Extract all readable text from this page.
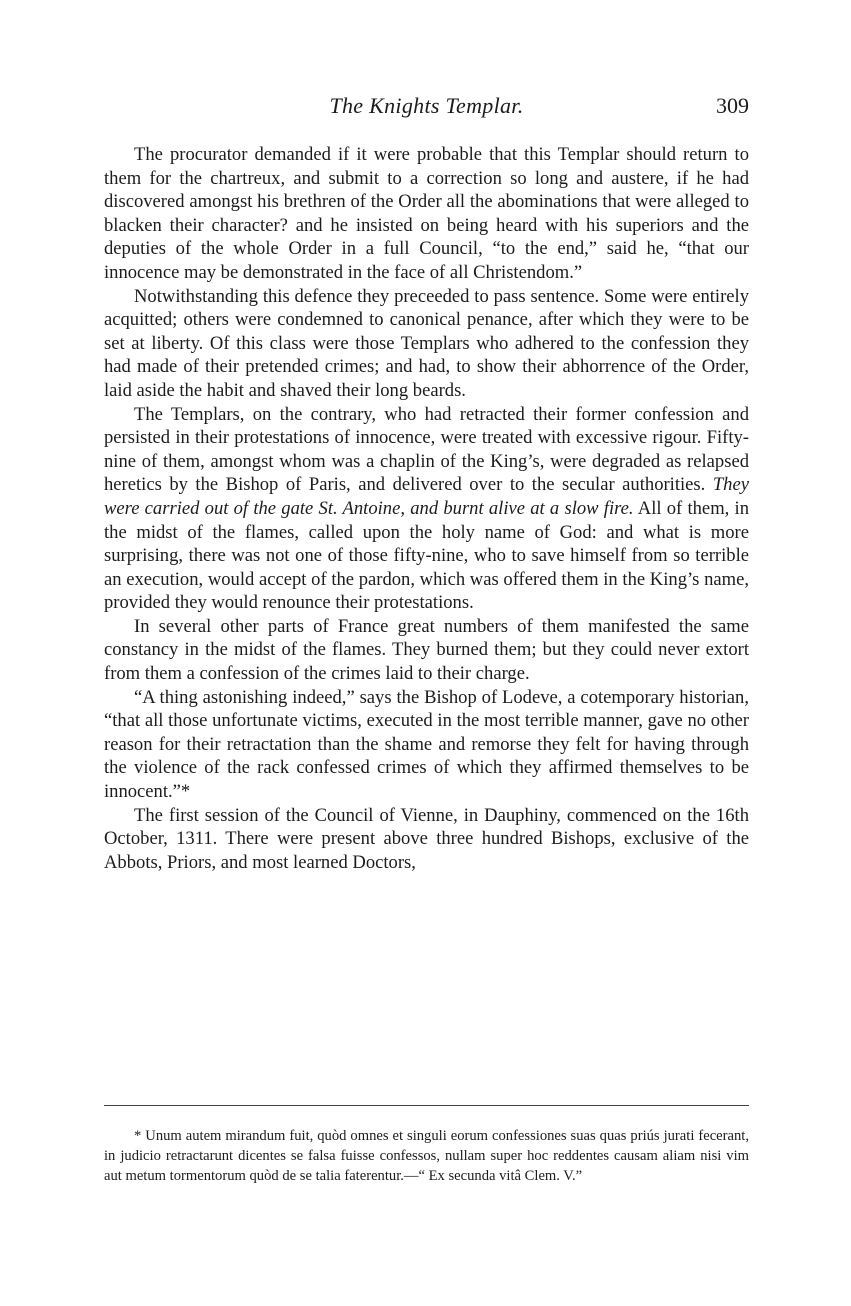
The Knights Templar.	309

The procurator demanded if it were probable that this Templar should return to them for the chartreux, and submit to a correction so long and austere, if he had discovered amongst his brethren of the Order all the abominations that were alleged to blacken their character? and he insisted on being heard with his superiors and the deputies of the whole Order in a full Council, “to the end,” said he, “that our innocence may be demonstrated in the face of all Christendom.”

Notwithstanding this defence they preceeded to pass sentence. Some were entirely acquitted; others were condemned to canonical penance, after which they were to be set at liberty. Of this class were those Templars who adhered to the confession they had made of their pretended crimes; and had, to show their abhorrence of the Order, laid aside the habit and shaved their long beards.

The Templars, on the contrary, who had retracted their former confession and persisted in their protestations of innocence, were treated with excessive rigour. Fifty-nine of them, amongst whom was a chaplin of the King’s, were degraded as relapsed heretics by the Bishop of Paris, and delivered over to the secular authorities. They were carried out of the gate St. Antoine, and burnt alive at a slow fire. All of them, in the midst of the flames, called upon the holy name of God: and what is more surprising, there was not one of those fifty-nine, who to save himself from so terrible an execution, would accept of the pardon, which was offered them in the King’s name, provided they would renounce their protestations.

In several other parts of France great numbers of them manifested the same constancy in the midst of the flames. They burned them; but they could never extort from them a confession of the crimes laid to their charge.

“A thing astonishing indeed,” says the Bishop of Lodeve, a cotemporary historian, “that all those unfortunate victims, executed in the most terrible manner, gave no other reason for their retractation than the shame and remorse they felt for having through the violence of the rack confessed crimes of which they affirmed themselves to be innocent.”*

The first session of the Council of Vienne, in Dauphiny, commenced on the 16th October, 1311. There were present above three hundred Bishops, exclusive of the Abbots, Priors, and most learned Doctors,

* Unum autem mirandum fuit, quòd omnes et singuli eorum confessiones suas quas priús jurati fecerant, in judicio retractarunt dicentes se falsa fuisse confessos, nullam super hoc reddentes causam aliam nisi vim aut metum tormentorum quòd de se talia faterentur.—“ Ex secunda vitâ Clem. V.”
